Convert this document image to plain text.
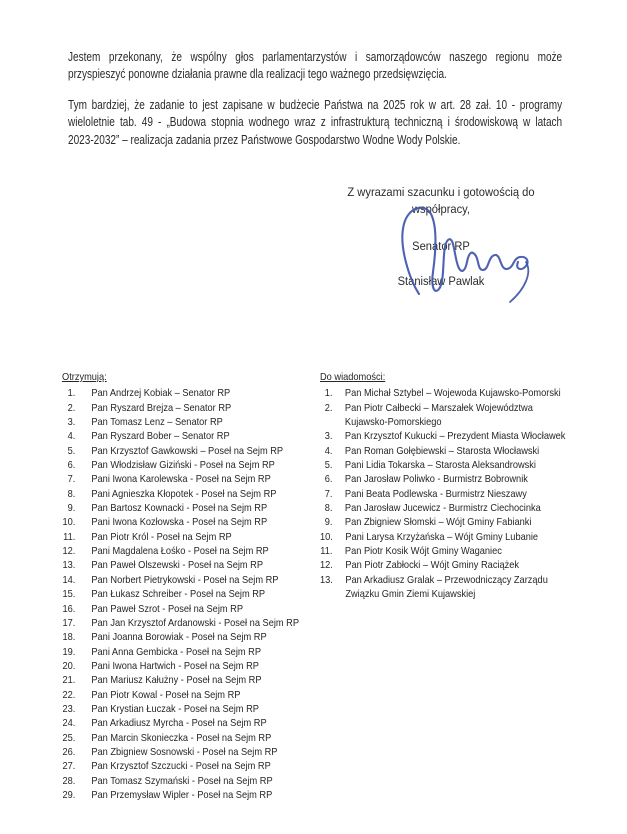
Jestem przekonany, że wspólny głos parlamentarzystów i samorządowców naszego regionu może
przyspieszyć ponowne działania prawne dla realizacji tego ważnego przedsięwzięcia.
Tym bardziej, że zadanie to jest zapisane w budżecie Państwa na 2025 rok w art. 28 zał. 10 - programy
wieloletnie tab. 49 - „Budowa stopnia wodnego wraz z infrastrukturą techniczną i środowiskową w latach
2023-2032” – realizacja zadania przez Państwowe Gospodarstwo Wodne Wody Polskie.
Z wyrazami szacunku i gotowością do współpracy,
Senator RP
Stanisław Pawlak
Otrzymują:
1. Pan Andrzej Kobiak – Senator RP
2. Pan Ryszard Brejza – Senator RP
3. Pan Tomasz Lenz – Senator RP
4. Pan Ryszard Bober – Senator RP
5. Pan Krzysztof Gawkowski – Poseł na Sejm RP
6. Pan Włodzisław Giziński - Poseł na Sejm RP
7. Pani Iwona Karolewska - Poseł na Sejm RP
8. Pani Agnieszka Kłopotek - Poseł na Sejm RP
9. Pan Bartosz Kownacki - Poseł na Sejm RP
10. Pani Iwona Kozłowska - Poseł na Sejm RP
11. Pan Piotr Król - Poseł na Sejm RP
12. Pani Magdalena Łośko - Poseł na Sejm RP
13. Pan Paweł Olszewski - Poseł na Sejm RP
14. Pan Norbert Pietrykowski - Poseł na Sejm RP
15. Pan Łukasz Schreiber - Poseł na Sejm RP
16. Pan Paweł Szrot - Poseł na Sejm RP
17. Pan Jan Krzysztof Ardanowski - Poseł na Sejm RP
18. Pani Joanna Borowiak - Poseł na Sejm RP
19. Pani Anna Gembicka - Poseł na Sejm RP
20. Pani Iwona Hartwich - Poseł na Sejm RP
21. Pan Mariusz Kałużny - Poseł na Sejm RP
22. Pan Piotr Kowal - Poseł na Sejm RP
23. Pan Krystian Łuczak - Poseł na Sejm RP
24. Pan Arkadiusz Myrcha - Poseł na Sejm RP
25. Pan Marcin Skonieczka - Poseł na Sejm RP
26. Pan Zbigniew Sosnowski - Poseł na Sejm RP
27. Pan Krzysztof Szczucki - Poseł na Sejm RP
28. Pan Tomasz Szymański - Poseł na Sejm RP
29. Pan Przemysław Wipler - Poseł na Sejm RP
Do wiadomości:
1. Pan Michał Sztybel – Wojewoda Kujawsko-Pomorski
2. Pan Piotr Całbecki – Marszałek Województwa Kujawsko-Pomorskiego
3. Pan Krzysztof Kukucki – Prezydent Miasta Włocławek
4. Pan Roman Gołębiewski – Starosta Włocławski
5. Pani Lidia Tokarska – Starosta Aleksandrowski
6. Pan Jarosław Poliwko - Burmistrz Bobrownik
7. Pani Beata Podlewska - Burmistrz Nieszawy
8. Pan Jarosław Jucewicz - Burmistrz Ciechocinka
9. Pan Zbigniew Słomski – Wójt Gminy Fabianki
10. Pani Larysa Krzyżańska – Wójt Gminy Lubanie
11. Pan Piotr Kosik Wójt Gminy Waganiec
12. Pan Piotr Zabłocki – Wójt Gminy Raciążek
13. Pan Arkadiusz Gralak – Przewodniczący Zarządu Związku Gmin Ziemi Kujawskiej
